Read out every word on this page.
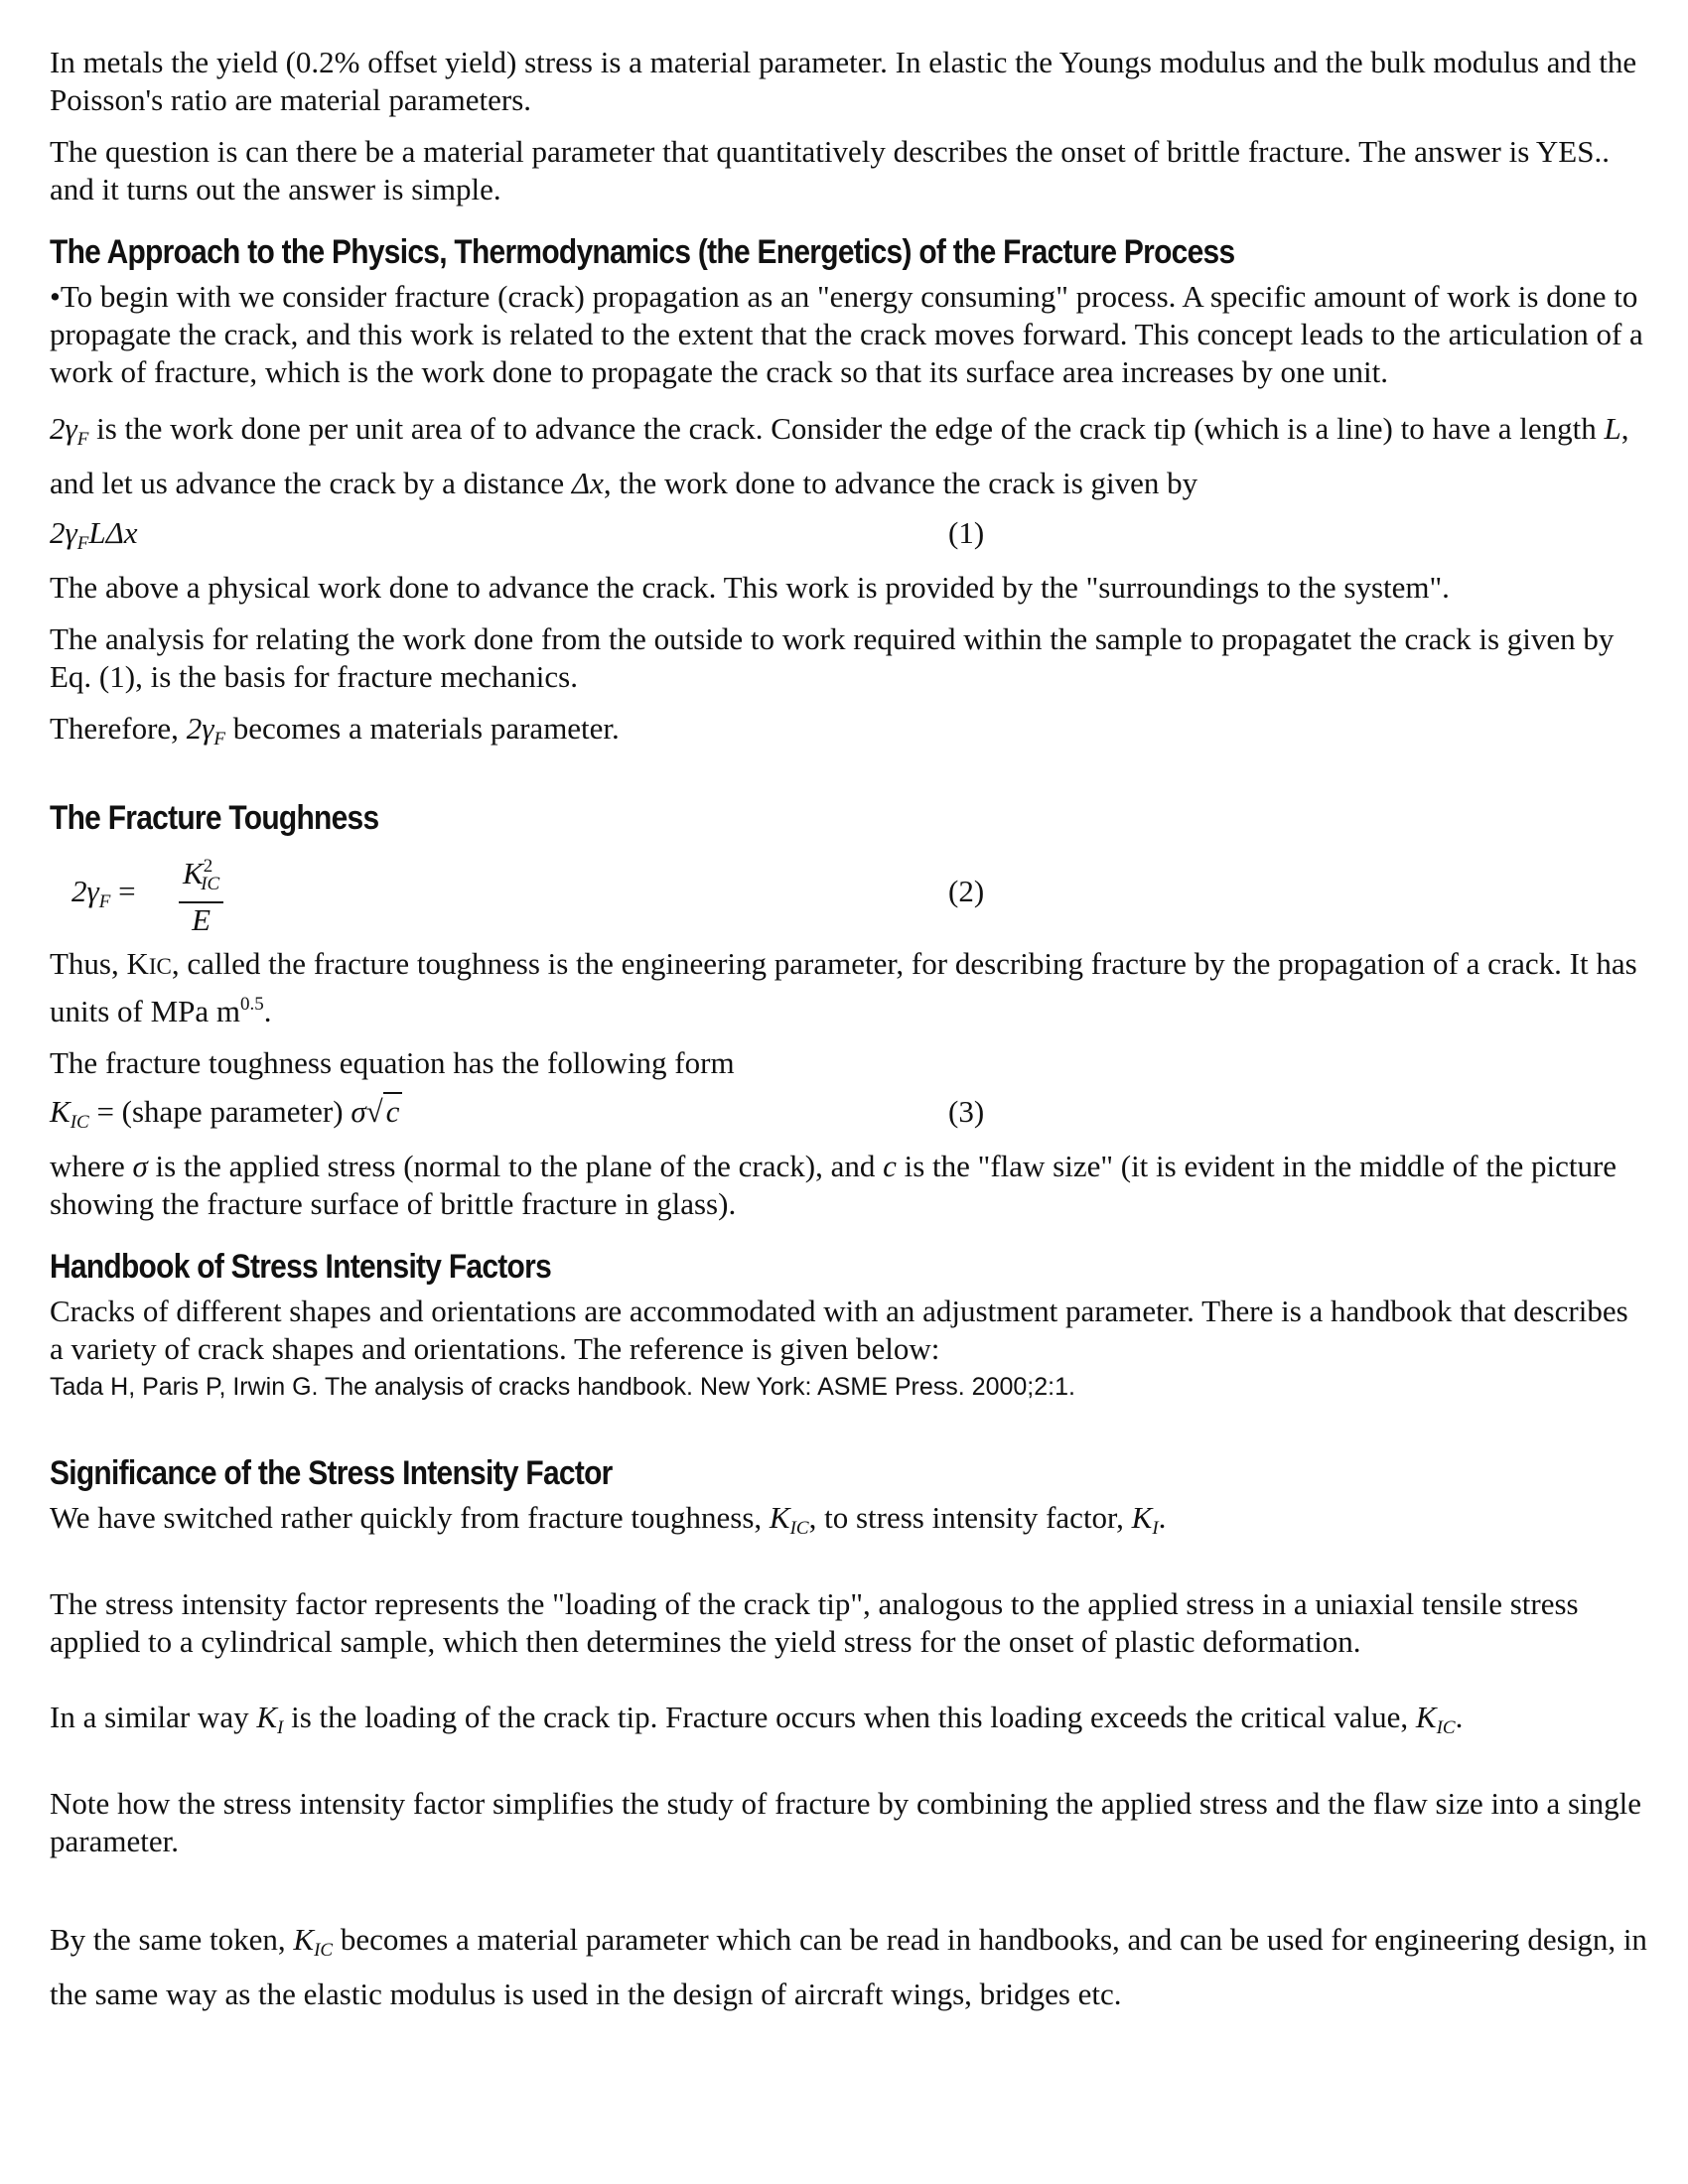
In metals the yield (0.2% offset yield) stress is a material parameter. In elastic the Youngs modulus and the bulk modulus and the Poisson's ratio are material parameters.

The question is can there be a material parameter that quantitatively describes the onset of brittle fracture. The answer is YES.. and it turns out the answer is simple.

The Approach to the Physics, Thermodynamics (the Energetics) of the Fracture Process

•To begin with we consider fracture (crack) propagation as an "energy consuming" process. A specific amount of work is done to propagate the crack, and this work is related to the extent that the crack moves forward. This concept leads to the articulation of a work of fracture, which is the work done to propagate the crack so that its surface area increases by one unit.

$2\gamma_F$ is the work done per unit area of to advance the crack. Consider the edge of the crack tip (which is a line) to have a length L, and let us advance the crack by a distance Δx, the work done to advance the crack is given by

$2\gamma_FL\Delta x$	(1)

The above a physical work done to advance the crack. This work is provided by the "surroundings to the system".

The analysis for relating the work done from the outside to work required within the sample to propagatet the crack is given by Eq. (1), is the basis for fracture mechanics.

Therefore, $2\gamma_F$ becomes a materials parameter.

The Fracture Toughness
$2\gamma_F = \frac{K^2_{IC}}{E}$	(2)

Thus, KIC, called the fracture toughness is the engineering parameter, for describing fracture by the propagation of a crack. It has units of MPa $m^{0.5}$.

The fracture toughness equation has the following form

$K_{IC}$ = (shape parameter) σ√c	(3)

where σ is the applied stress (normal to the plane of the crack), and c is the "flaw size" (it is evident in the middle of the picture showing the fracture surface of brittle fracture in glass).

Handbook of Stress Intensity Factors

Cracks of different shapes and orientations are accommodated with an adjustment parameter. There is a handbook that describes a variety of crack shapes and orientations. The reference is given below:

Tada H, Paris P, Irwin G. The analysis of cracks handbook. New York: ASME Press. 2000;2:1.

Significance of the Stress Intensity Factor

We have switched rather quickly from fracture toughness, $K_{IC}$, to stress intensity factor, $K_I$.

The stress intensity factor represents the "loading of the crack tip", analogous to the applied stress in a uniaxial tensile stress applied to a cylindrical sample, which then determines the yield stress for the onset of plastic deformation.

In a similar way $K_I$ is the loading of the crack tip. Fracture occurs when this loading exceeds the critical value, $K_{IC}$.

Note how the stress intensity factor simplifies the study of fracture by combining the applied stress and the flaw size into a single parameter.

By the same token, $K_{IC}$ becomes a material parameter which can be read in handbooks, and can be used for engineering design, in the same way as the elastic modulus is used in the design of aircraft wings, bridges etc.
